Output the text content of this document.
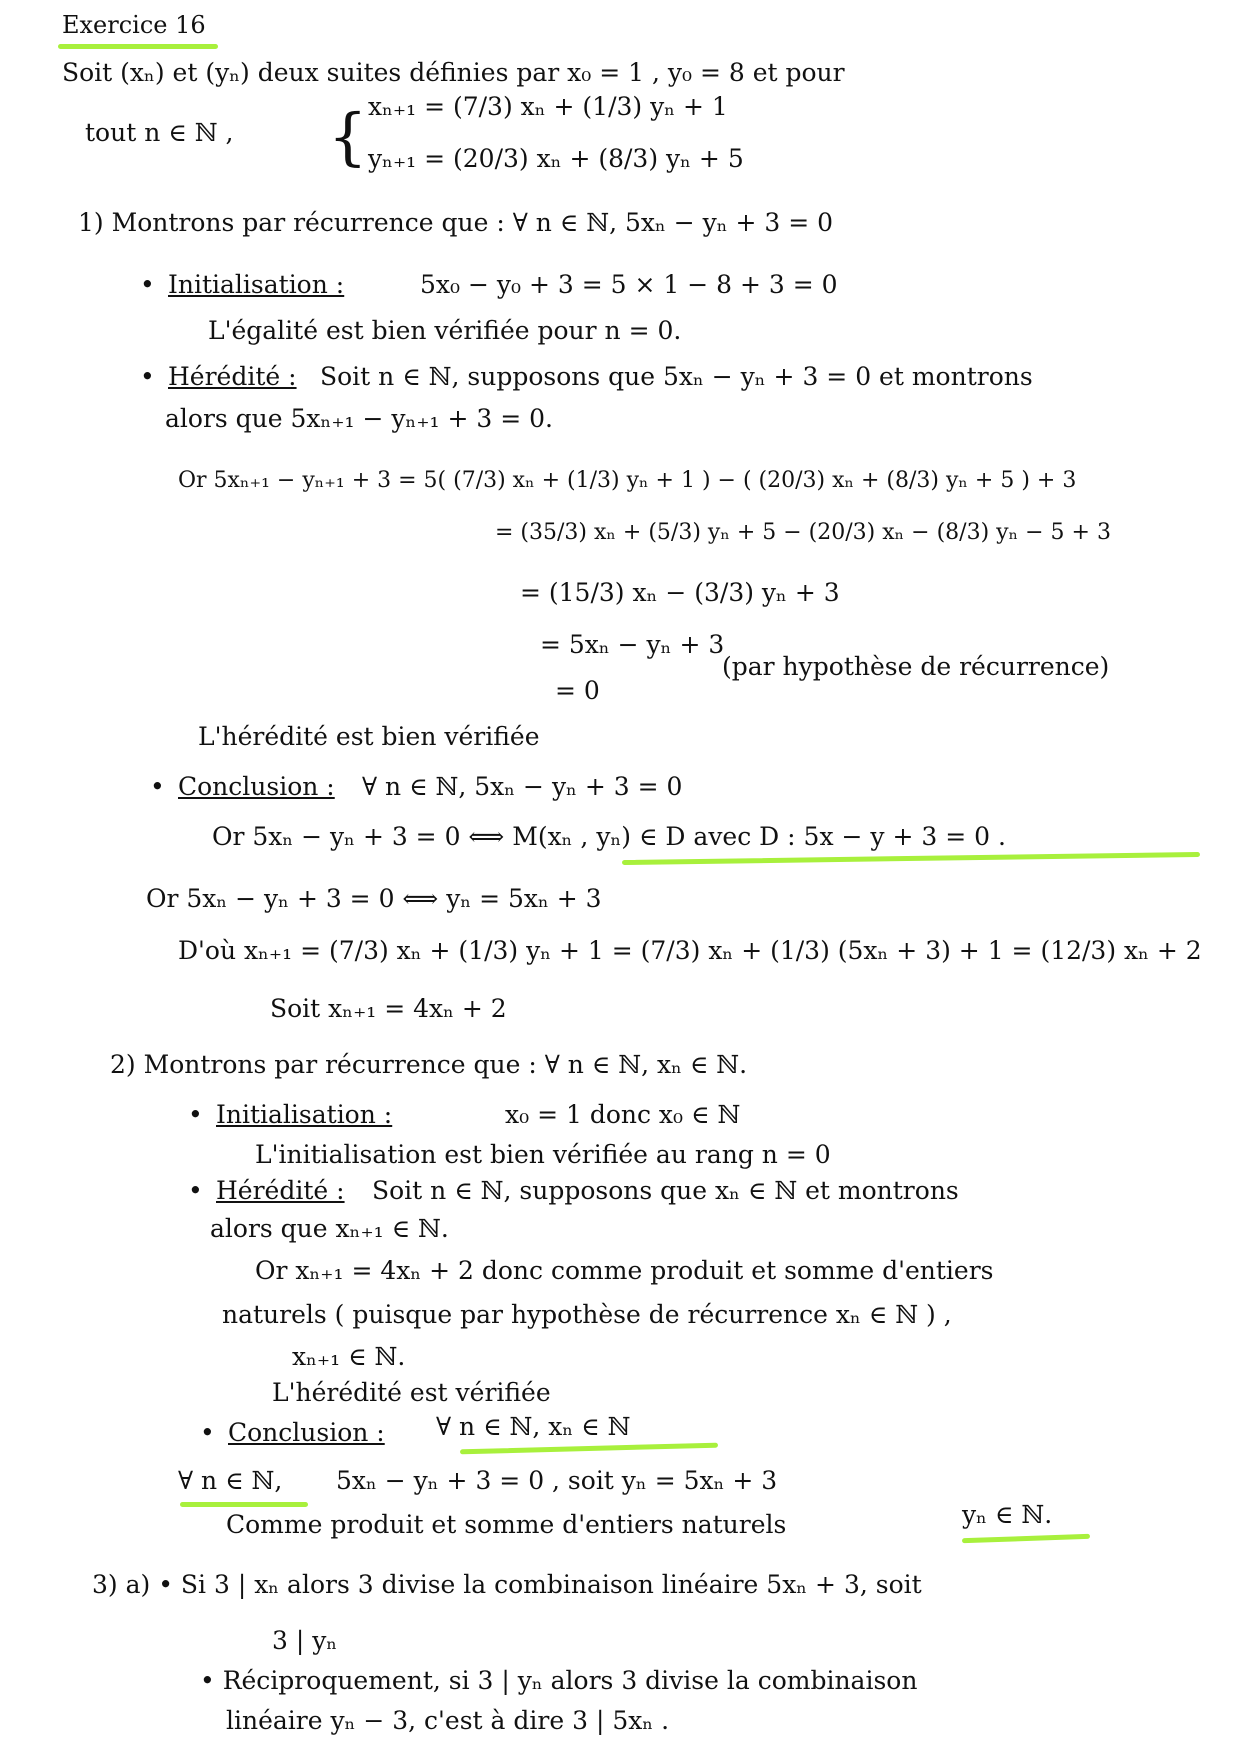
Exercice 16
Soit (xₙ) et (yₙ) deux suites définies par x₀ = 1 , y₀ = 8 et pour
tout n ∈ ℕ , { xₙ₊₁ = (7/3) xₙ + (1/3) yₙ + 1
yₙ₊₁ = (20/3) xₙ + (8/3) yₙ + 5
1) Montrons par récurrence que : ∀ n ∈ ℕ, 5xₙ − yₙ + 3 = 0
• Initialisation :	5x₀ − y₀ + 3 = 5 × 1 − 8 + 3 = 0
L'égalité est bien vérifiée pour n = 0.
• Hérédité : Soit n ∈ ℕ, supposons que 5xₙ − yₙ + 3 = 0 et montrons
alors que 5xₙ₊₁ − yₙ₊₁ + 3 = 0.
Or 5xₙ₊₁ − yₙ₊₁ + 3 = 5( (7/3) xₙ + (1/3) yₙ + 1 ) − ( (20/3) xₙ + (8/3) yₙ + 5 ) + 3
= (35/3) xₙ + (5/3) yₙ + 5 − (20/3) xₙ − (8/3) yₙ − 5 + 3
= (15/3) xₙ − (3/3) yₙ + 3
= 5xₙ − yₙ + 3
= 0
(par hypothèse de récurrence)
L'hérédité est bien vérifiée
• Conclusion : ∀ n ∈ ℕ, 5xₙ − yₙ + 3 = 0
Or 5xₙ − yₙ + 3 = 0 ⟺ M(xₙ , yₙ) ∈ D avec D : 5x − y + 3 = 0 .
Or 5xₙ − yₙ + 3 = 0 ⟺ yₙ = 5xₙ + 3
D'où xₙ₊₁ = (7/3) xₙ + (1/3) yₙ + 1 = (7/3) xₙ + (1/3) (5xₙ + 3) + 1 = (12/3) xₙ + 2
Soit xₙ₊₁ = 4xₙ + 2
2) Montrons par récurrence que : ∀ n ∈ ℕ, xₙ ∈ ℕ.
• Initialisation :	x₀ = 1 donc x₀ ∈ ℕ
L'initialisation est bien vérifiée au rang n = 0
• Hérédité : Soit n ∈ ℕ, supposons que xₙ ∈ ℕ et montrons
alors que xₙ₊₁ ∈ ℕ.
Or xₙ₊₁ = 4xₙ + 2 donc comme produit et somme d'entiers
naturels ( puisque par hypothèse de récurrence xₙ ∈ ℕ ) ,
xₙ₊₁ ∈ ℕ.
L'hérédité est vérifiée
• Conclusion : ∀ n ∈ ℕ, xₙ ∈ ℕ
∀ n ∈ ℕ, 5xₙ − yₙ + 3 = 0 , soit yₙ = 5xₙ + 3
Comme produit et somme d'entiers naturels	yₙ ∈ ℕ.
3) a) • Si 3 | xₙ alors 3 divise la combinaison linéaire 5xₙ + 3, soit
3 | yₙ
• Réciproquement, si 3 | yₙ alors 3 divise la combinaison
linéaire yₙ − 3, c'est à dire 3 | 5xₙ .
